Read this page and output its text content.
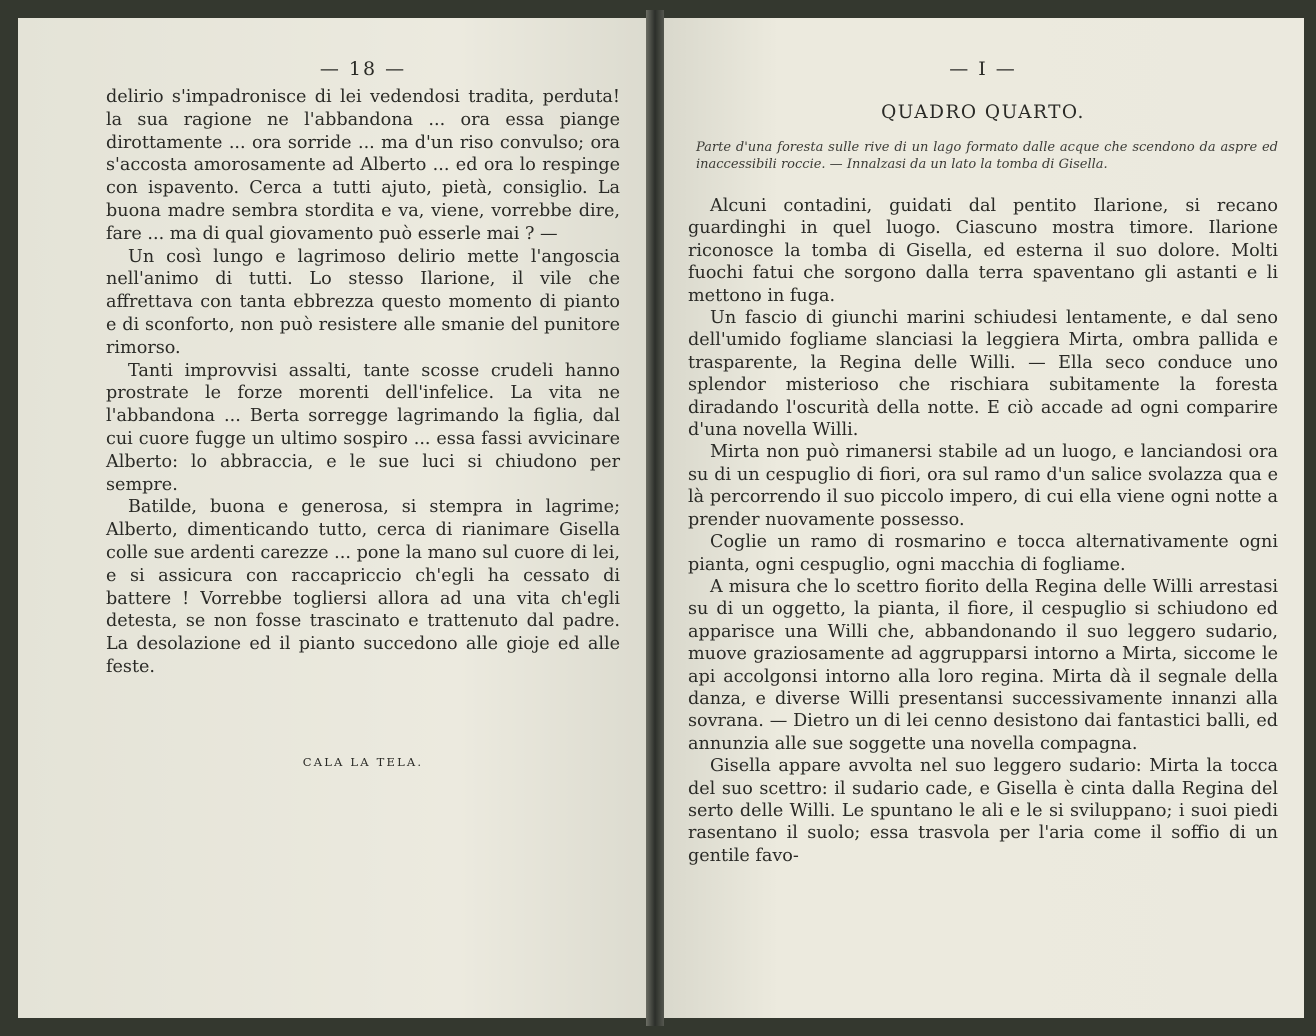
— 18 —

delirio s'impadronisce di lei vedendosi tradita, perduta! la sua ragione ne l'abbandona ... ora essa piange dirottamente ... ora sorride ... ma d'un riso convulso; ora s'accosta amorosamente ad Alberto ... ed ora lo respinge con ispavento. Cerca a tutti ajuto, pietà, consiglio. La buona madre sembra stordita e va, viene, vorrebbe dire, fare ... ma di qual giovamento può esserle mai ? —

Un così lungo e lagrimoso delirio mette l'angoscia nell'animo di tutti. Lo stesso Ilarione, il vile che affrettava con tanta ebbrezza questo momento di pianto e di sconforto, non può resistere alle smanie del punitore rimorso.

Tanti improvvisi assalti, tante scosse crudeli hanno prostrate le forze morenti dell'infelice. La vita ne l'abbandona ... Berta sorregge lagrimando la figlia, dal cui cuore fugge un ultimo sospiro ... essa fassi avvicinare Alberto: lo abbraccia, e le sue luci si chiudono per sempre.

Batilde, buona e generosa, si stempra in lagrime; Alberto, dimenticando tutto, cerca di rianimare Gisella colle sue ardenti carezze ... pone la mano sul cuore di lei, e si assicura con raccapriccio ch'egli ha cessato di battere ! Vorrebbe togliersi allora ad una vita ch'egli detesta, se non fosse trascinato e trattenuto dal padre. La desolazione ed il pianto succedono alle gioje ed alle feste.

CALA LA TELA.
— I —
QUADRO QUARTO.
Parte d'una foresta sulle rive di un lago formato dalle acque che scendono da aspre ed inaccessibili roccie. — Innalzasi da un lato la tomba di Gisella.

Alcuni contadini, guidati dal pentito Ilarione, si recano guardinghi in quel luogo. Ciascuno mostra timore. Ilarione riconosce la tomba di Gisella, ed esterna il suo dolore. Molti fuochi fatui che sorgono dalla terra spaventano gli astanti e li mettono in fuga.

Un fascio di giunchi marini schiudesi lentamente, e dal seno dell'umido fogliame slanciasi la leggiera Mirta, ombra pallida e trasparente, la Regina delle Willi. — Ella seco conduce uno splendor misterioso che rischiara subitamente la foresta diradando l'oscurità della notte. E ciò accade ad ogni comparire d'una novella Willi.

Mirta non può rimanersi stabile ad un luogo, e lanciandosi ora su di un cespuglio di fiori, ora sul ramo d'un salice svolazza qua e là percorrendo il suo piccolo impero, di cui ella viene ogni notte a prender nuovamente possesso.

Coglie un ramo di rosmarino e tocca alternativamente ogni pianta, ogni cespuglio, ogni macchia di fogliame.

A misura che lo scettro fiorito della Regina delle Willi arrestasi su di un oggetto, la pianta, il fiore, il cespuglio si schiudono ed apparisce una Willi che, abbandonando il suo leggero sudario, muove graziosamente ad aggrupparsi intorno a Mirta, siccome le api accolgonsi intorno alla loro regina. Mirta dà il segnale della danza, e diverse Willi presentansi successivamente innanzi alla sovrana. — Dietro un di lei cenno desistono dai fantastici balli, ed annunzia alle sue soggette una novella compagna.

Gisella appare avvolta nel suo leggero sudario: Mirta la tocca del suo scettro: il sudario cade, e Gisella è cinta dalla Regina del serto delle Willi. Le spuntano le ali e le si sviluppano; i suoi piedi rasentano il suolo; essa trasvola per l'aria come il soffio di un gentile favo-
